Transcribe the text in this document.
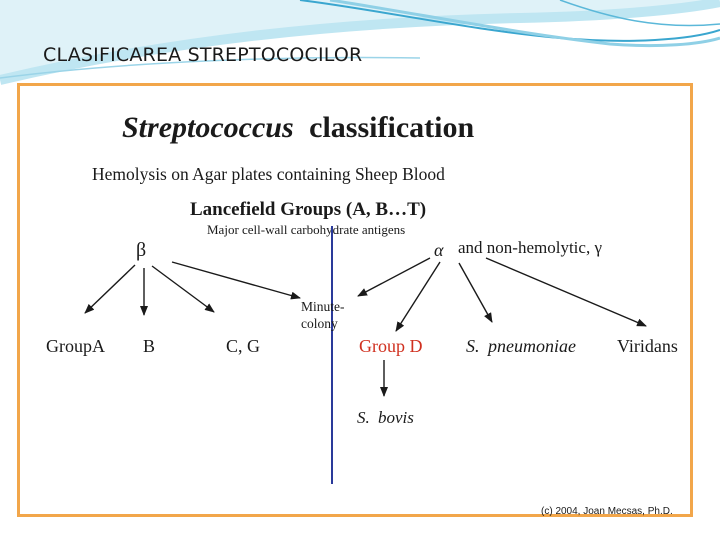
CLASIFICAREA STREPTOCOCILOR
Streptococcus classification
Hemolysis on Agar plates containing Sheep Blood
Lancefield Groups (A, B…T)
Major cell-wall carbohydrate antigens
β	α and non-hemolytic, γ
Minute-
colony
GroupA B	C, G	Group D S. pneumoniae Viridans
S. bovis
(c) 2004, Joan Mecsas, Ph.D.
